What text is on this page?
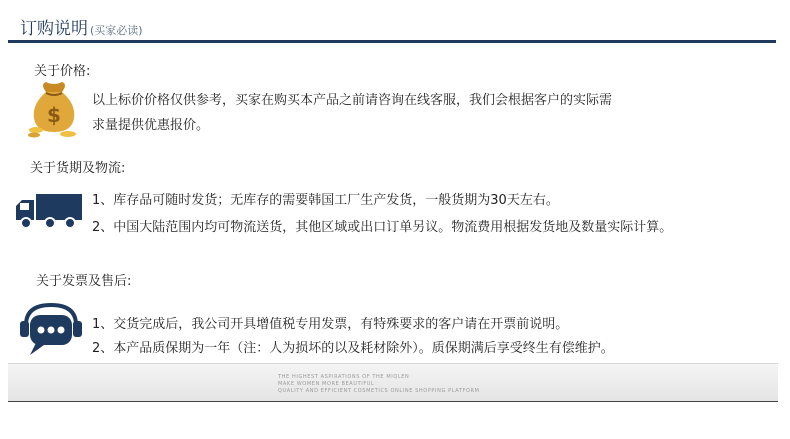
订购说明 (买家必读)
关于价格:
$
以上标价价格仅供参考，买家在购买本产品之前请咨询在线客服，我们会根据客户的实际需
求量提供优惠报价。
关于货期及物流:
1、库存品可随时发货；无库存的需要韩国工厂生产发货，一般货期为30天左右。
2、中国大陆范围内均可物流送货，其他区域或出口订单另议。物流费用根据发货地及数量实际计算。
关于发票及售后:
1、交货完成后，我公司开具增值税专用发票，有特殊要求的客户请在开票前说明。
2、本产品质保期为一年（注：人为损坏的以及耗材除外）。质保期满后享受终生有偿维护。
THE HIGHEST ASPIRATIONS OF THE MIQLEN
MAKE WOMEN MORE BEAUTIFUL
QUALITY AND EFFICIENT COSMETICS ONLINE SHOPPING PLATFORM
